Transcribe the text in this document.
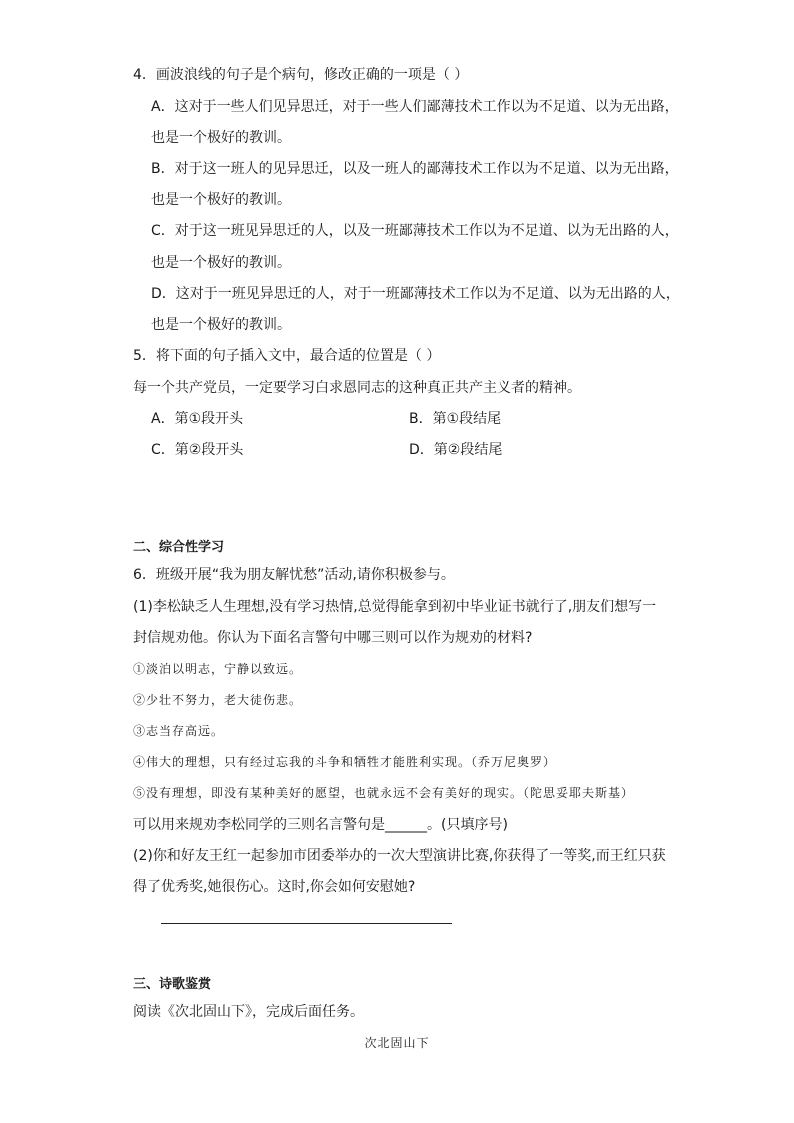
4．画波浪线的句子是个病句，修改正确的一项是（ ）
A．这对于一些人们见异思迁，对于一些人们鄙薄技术工作以为不足道、以为无出路，
也是一个极好的教训。
B．对于这一班人的见异思迁，以及一班人的鄙薄技术工作以为不足道、以为无出路，
也是一个极好的教训。
C．对于这一班见异思迁的人，以及一班鄙薄技术工作以为不足道、以为无出路的人，
也是一个极好的教训。
D．这对于一班见异思迁的人，对于一班鄙薄技术工作以为不足道、以为无出路的人，
也是一个极好的教训。
5．将下面的句子插入文中，最合适的位置是（ ）
每一个共产党员，一定要学习白求恩同志的这种真正共产主义者的精神。
A．第①段开头	B．第①段结尾
C．第②段开头	D．第②段结尾
二、综合性学习
6．班级开展“我为朋友解忧愁”活动,请你积极参与。
(1)李松缺乏人生理想,没有学习热情,总觉得能拿到初中毕业证书就行了,朋友们想写一
封信规劝他。你认为下面名言警句中哪三则可以作为规劝的材料?
①淡泊以明志，宁静以致远。
②少壮不努力，老大徒伤悲。
③志当存高远。
④伟大的理想，只有经过忘我的斗争和牺牲才能胜利实现。（乔万尼奥罗）
⑤没有理想，即没有某种美好的愿望，也就永远不会有美好的现实。（陀思妥耶夫斯基）
可以用来规劝李松同学的三则名言警句是______。(只填序号)
(2)你和好友王红一起参加市团委举办的一次大型演讲比赛,你获得了一等奖,而王红只获
得了优秀奖,她很伤心。这时,你会如何安慰她?
三、诗歌鉴赏
阅读《次北固山下》，完成后面任务。
次北固山下
